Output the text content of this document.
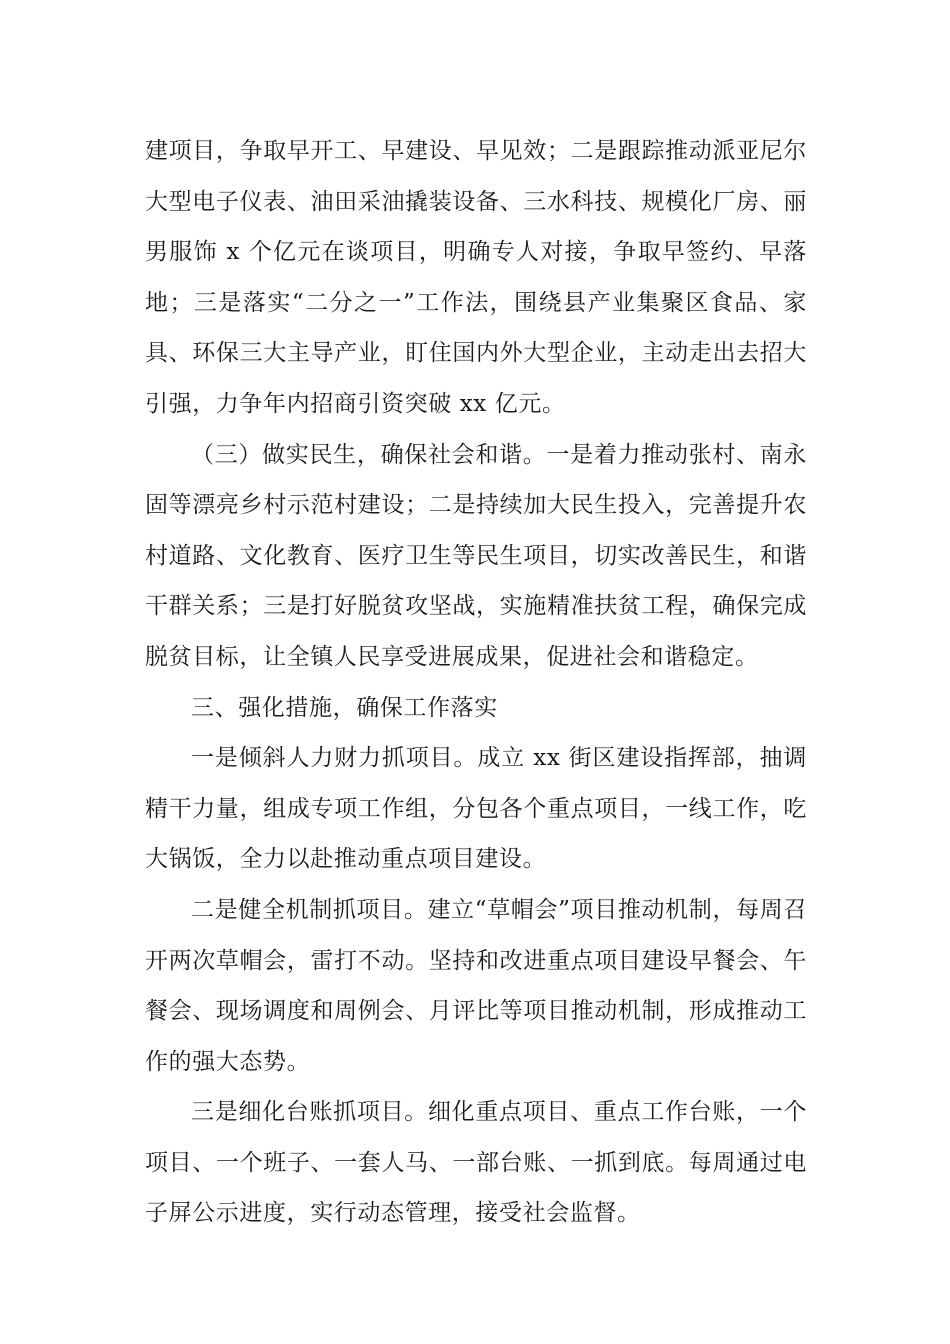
建项目，争取早开工、早建设、早见效；二是跟踪推动派亚尼尔大型电子仪表、油田采油撬装设备、三水科技、规模化厂房、丽男服饰 x 个亿元在谈项目，明确专人对接，争取早签约、早落地；三是落实“二分之一”工作法，围绕县产业集聚区食品、家具、环保三大主导产业，盯住国内外大型企业，主动走出去招大引强，力争年内招商引资突破 xx 亿元。

（三）做实民生，确保社会和谐。一是着力推动张村、南永固等漂亮乡村示范村建设；二是持续加大民生投入，完善提升农村道路、文化教育、医疗卫生等民生项目，切实改善民生，和谐干群关系；三是打好脱贫攻坚战，实施精准扶贫工程，确保完成脱贫目标，让全镇人民享受进展成果，促进社会和谐稳定。

三、强化措施，确保工作落实

一是倾斜人力财力抓项目。成立 xx 街区建设指挥部，抽调精干力量，组成专项工作组，分包各个重点项目，一线工作，吃大锅饭，全力以赴推动重点项目建设。

二是健全机制抓项目。建立“草帽会”项目推动机制，每周召开两次草帽会，雷打不动。坚持和改进重点项目建设早餐会、午餐会、现场调度和周例会、月评比等项目推动机制，形成推动工作的强大态势。

三是细化台账抓项目。细化重点项目、重点工作台账，一个项目、一个班子、一套人马、一部台账、一抓到底。每周通过电子屏公示进度，实行动态管理，接受社会监督。
